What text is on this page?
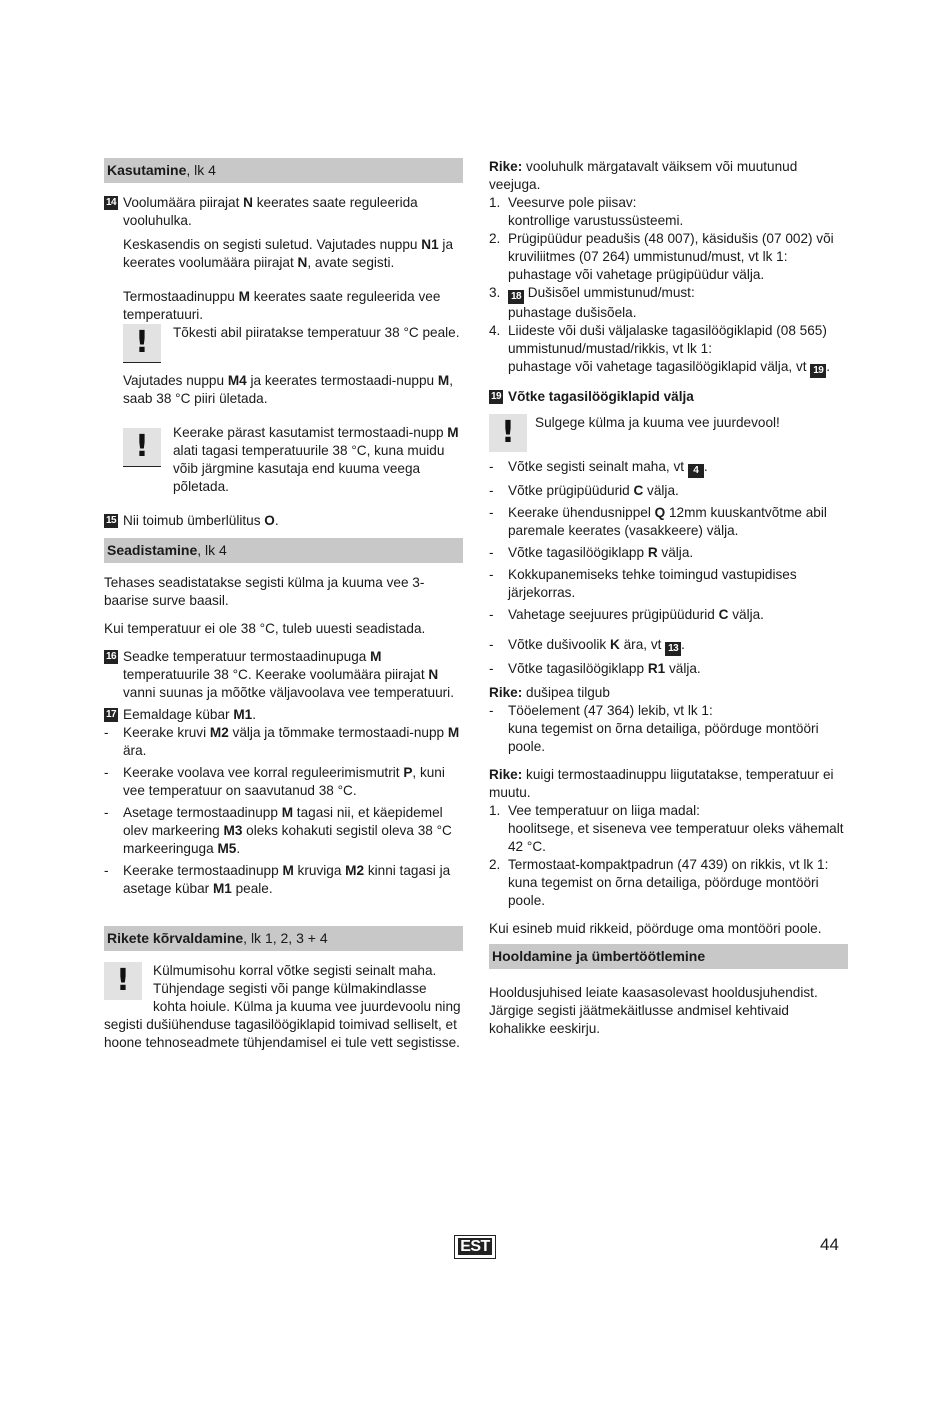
Kasutamine, lk 4
14 Voolumäära piirajat N keerates saate reguleerida vooluhulka.

Keskasendis on segisti suletud. Vajutades nuppu N1 ja keerates voolumäära piirajat N, avate segisti.

Termostaadinuppu M keerates saate reguleerida vee temperatuuri.

!	Tõkesti abil piiratakse temperatuur 38 °C peale.

Vajutades nuppu M4 ja keerates termostaadi-nuppu M, saab 38 °C piiri ületada.

!	Keerake pärast kasutamist termostaadi-nupp M alati tagasi temperatuurile 38 °C, kuna muidu võib järgmine kasutaja end kuuma veega põletada.

15 Nii toimub ümberlülitus O.
Seadistamine, lk 4

Tehases seadistatakse segisti külma ja kuuma vee 3-baarise surve baasil.

Kui temperatuur ei ole 38 °C, tuleb uuesti seadistada.

16 Seadke temperatuur termostaadinupuga M temperatuurile 38 °C. Keerake voolumäära piirajat N vanni suunas ja mõõtke väljavoolava vee temperatuuri.
17 Eemaldage kübar M1.
- Keerake kruvi M2 välja ja tõmmake termostaadi-nupp M ära.
- Keerake voolava vee korral reguleerimismutrit P, kuni vee temperatuur on saavutanud 38 °C.
- Asetage termostaadinupp M tagasi nii, et käepidemel olev markeering M3 oleks kohakuti segistil oleva 38 °C markeeringuga M5.
- Keerake termostaadinupp M kruviga M2 kinni tagasi ja asetage kübar M1 peale.
Rikete kõrvaldamine, lk 1, 2, 3 + 4
!	Külmumisohu korral võtke segisti seinalt maha. Tühjendage segisti või pange külmakindlasse kohta hoiule. Külma ja kuuma vee juurdevoolu ning segisti dušiühenduse tagasilöögiklapid toimivad selliselt, et hoone tehnoseadmete tühjendamisel ei tule vett segistisse.

Rike: vooluhulk märgatavalt väiksem või muutunud veejuga.

1. Veesurve pole piisav:
kontrollige varustussüsteemi.
2. Prügipüüdur peadušis (48 007), käsidušis (07 002) või kruviliitmes (07 264) ummistunud/must, vt lk 1:
puhastage või vahetage prügipüüdur välja.
3. 18 Dušisõel ummistunud/must:
puhastage dušisõela.
4. Liideste või duši väljalaske tagasilöögiklapid (08 565) ummistunud/mustad/rikkis, vt lk 1:
puhastage või vahetage tagasilöögiklapid välja, vt 19 .
19 Võtke tagasilöögiklapid välja
!	Sulgege külma ja kuuma vee juurdevool!

- Võtke segisti seinalt maha, vt 4 .
- Võtke prügipüüdurid C välja.
- Keerake ühendusnippel Q 12mm kuuskantvõtme abil paremale keerates (vasakkeere) välja.
- Võtke tagasilöögiklapp R välja.
- Kokkupanemiseks tehke toimingud vastupidises järjekorras.
- Vahetage seejuures prügipüüdurid C välja.
- Võtke dušivoolik K ära, vt 13 .
- Võtke tagasilöögiklapp R1 välja.

Rike: dušipea tilgub

- Tööelement (47 364) lekib, vt lk 1:
kuna tegemist on õrna detailiga, pöörduge montööri poole.

Rike: kuigi termostaadinuppu liigutatakse, temperatuur ei muutu.

1. Vee temperatuur on liiga madal:
hoolitsege, et siseneva vee temperatuur oleks vähemalt 42 °C.
2. Termostaat-kompaktpadrun (47 439) on rikkis, vt lk 1:
kuna tegemist on õrna detailiga, pöörduge montööri poole.

Kui esineb muid rikkeid, pöörduge oma montööri poole.

Hooldamine ja ümbertöötlemine

Hooldusjuhised leiate kaasasolevast hooldusjuhendist. Järgige segisti jäätmekäitlusse andmisel kehtivaid kohalikke eeskirju.

EST	44
